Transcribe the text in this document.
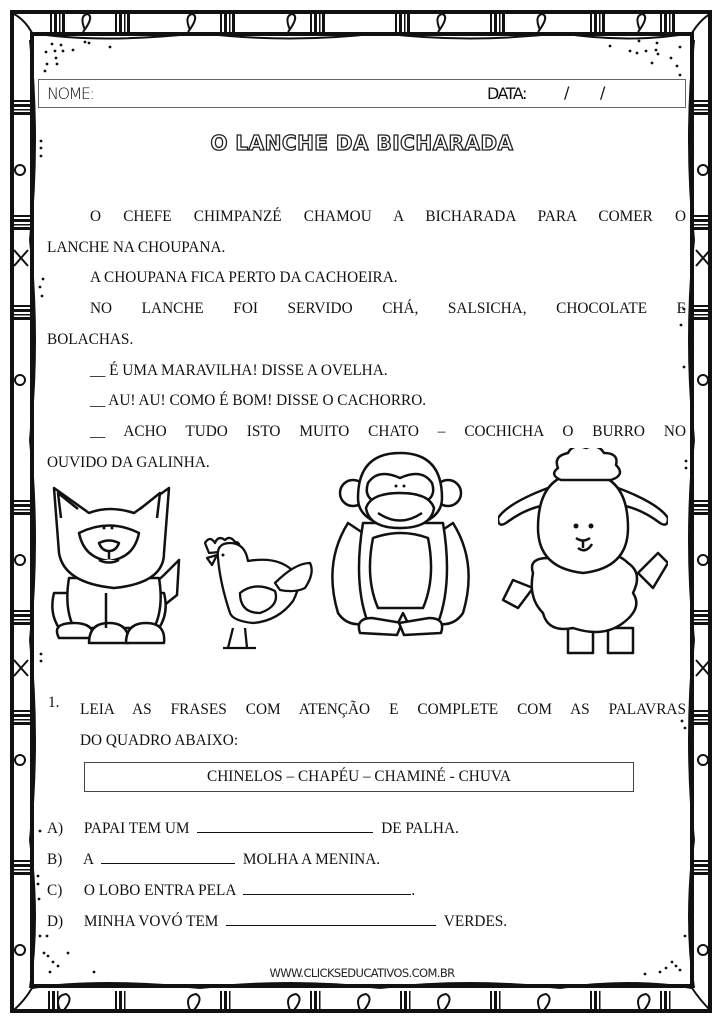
NOME:	DATA: / /
O LANCHE DA BICHARADA

O CHEFE CHIMPANZÉ CHAMOU A BICHARADA PARA COMER O

LANCHE NA CHOUPANA.

A CHOUPANA FICA PERTO DA CACHOEIRA.

NO LANCHE FOI SERVIDO CHÁ, SALSICHA, CHOCOLATE E

BOLACHAS.

__ É UMA MARAVILHA! DISSE A OVELHA.

__ AU! AU! COMO É BOM! DISSE O CACHORRO.

__ ACHO TUDO ISTO MUITO CHATO – COCHICHA O BURRO NO

OUVIDO DA GALINHA.

1. LEIA AS FRASES COM ATENÇÃO E COMPLETE COM AS PALAVRAS

DO QUADRO ABAIXO:

CHINELOS – CHAPÉU – CHAMINÉ - CHUVA
A) PAPAI TEM UM	DE PALHA.
B) A	MOLHA A MENINA.
C) O LOBO ENTRA PELA	.
D) MINHA VOVÓ TEM	VERDES.
WWW.CLICKSEDUCATIVOS.COM.BR
